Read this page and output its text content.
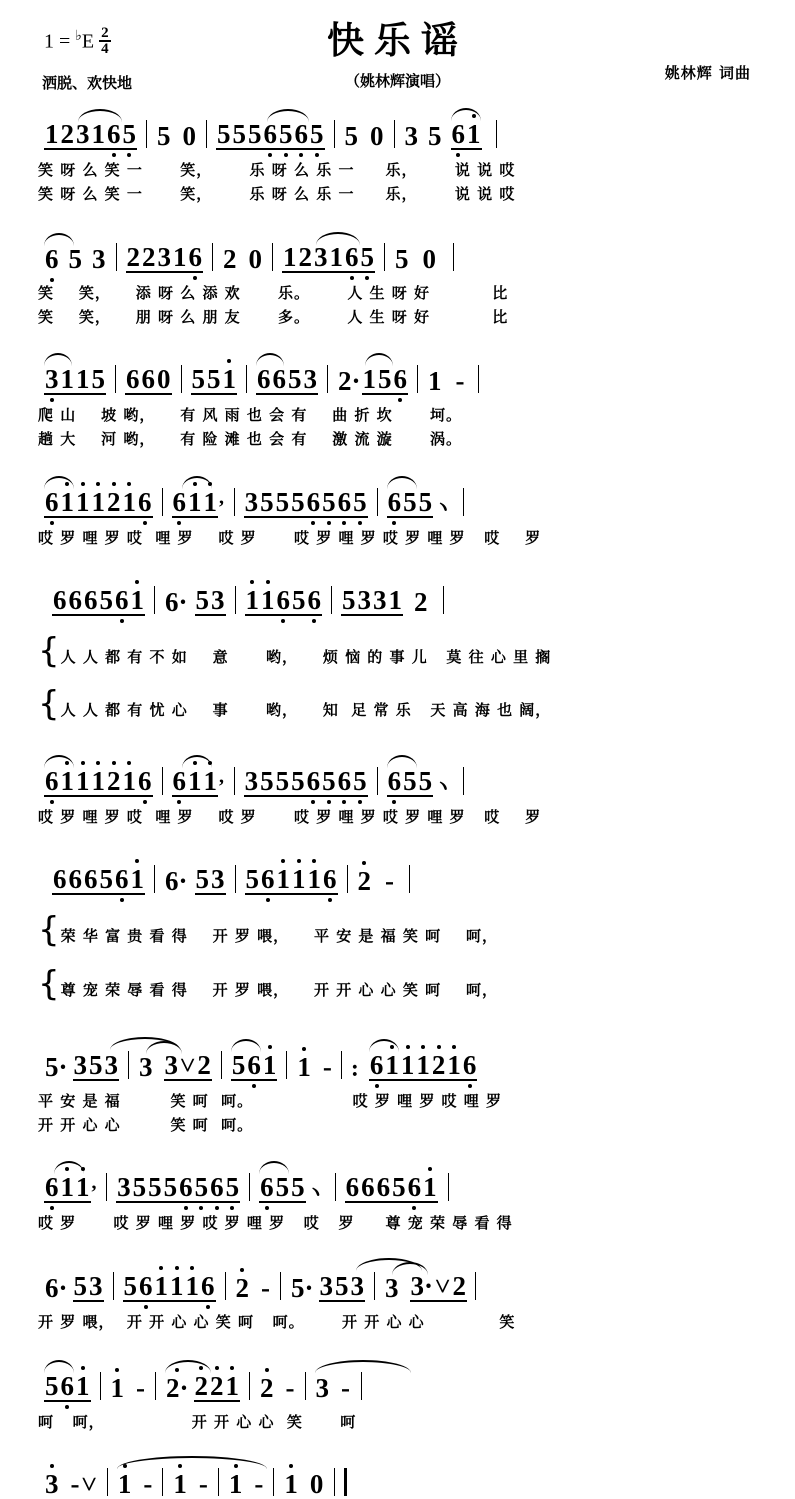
$1 = ^♭E \frac{2}{4}$	快乐谣
（姚林辉演唱）
洒脱、欢快地
姚林辉 词曲
1 2 3 1 6 5 5 0 5 5 5 6 5 6 5 5 0 3 5 6 1
笑 呀 么 笑 一      笑，      乐 呀 么 乐 一     乐，      说 说 哎
笑 呀 么 笑 一      笑，      乐 呀 么 乐 一     乐，      说 说 哎
6 5 3 2 2 3 1 6 2 0 1 2 3 1 6 5 5 0
笑    笑，    添 呀 么 添 欢      乐。      人 生 呀 好          比
笑    笑，    朋 呀 么 朋 友      多。      人 生 呀 好          比
3 1 1 5 6 6 0 5 5 1 6 6 5 3 2· 1 5 6 1 -
爬 山    坡 哟，    有 风 雨 也 会 有    曲 折 坎      坷。
趟 大    河 哟，    有 险 滩 也 会 有    激 流 漩      涡。
6 1 1 1 2 1 6 6 1 1 ʼ 3 5 5 5 6 5 6 5 6 5 5 ヽ
哎 罗 哩 罗 哎  哩 罗    哎 罗      哎 罗 哩 罗 哎 罗 哩 罗   哎    罗
6 6 6 5 6 1 6· 5 3 1 1 6 5 6 5 3 3 1 2
{人 人 都 有 不 如    意      哟，    烦 恼 的 事 儿   莫 往 心 里 搁
{人 人 都 有 忧 心    事      哟，    知  足 常 乐   天 高 海 也 阔，
6 1 1 1 2 1 6 6 1 1 ʼ 3 5 5 5 6 5 6 5 6 5 5 ヽ
哎 罗 哩 罗 哎  哩 罗    哎 罗      哎 罗 哩 罗 哎 罗 哩 罗   哎    罗
6 6 6 5 6 1 6· 5 3 5 6 1 1 1 6 2 -
{荣 华 富 贵 看 得    开 罗 喂，    平 安 是 福 笑 呵    呵，
{尊 宠 荣 辱 看 得    开 罗 喂，    开 开 心 心 笑 呵    呵，
5· 3 5 3 3 3 ˅ 2 5 6 1 1 - : 6 1 1 1 2 1 6
平 安 是 福        笑 呵  呵。                哎 罗 哩 罗 哎 哩 罗
开 开 心 心        笑 呵  呵。
6 1 1 ʼ 3 5 5 5 6 5 6 5 6 5 5 ヽ 6 6 6 5 6 1
哎 罗      哎 罗 哩 罗 哎 罗 哩 罗   哎   罗     尊 宠 荣 辱 看 得
6· 5 3 5 6 1 1 1 6 2 - 5· 3 5 3 3 3· ˅ 2
开 罗 喂，  开 开 心 心 笑 呵   呵。      开 开 心 心            笑
5 6 1 1 - 2· 2 2 1 2 - 3 -
呵   呵，              开 开 心 心  笑      呵
3 - ˅ 1 - 1 - 1 - 1 0
